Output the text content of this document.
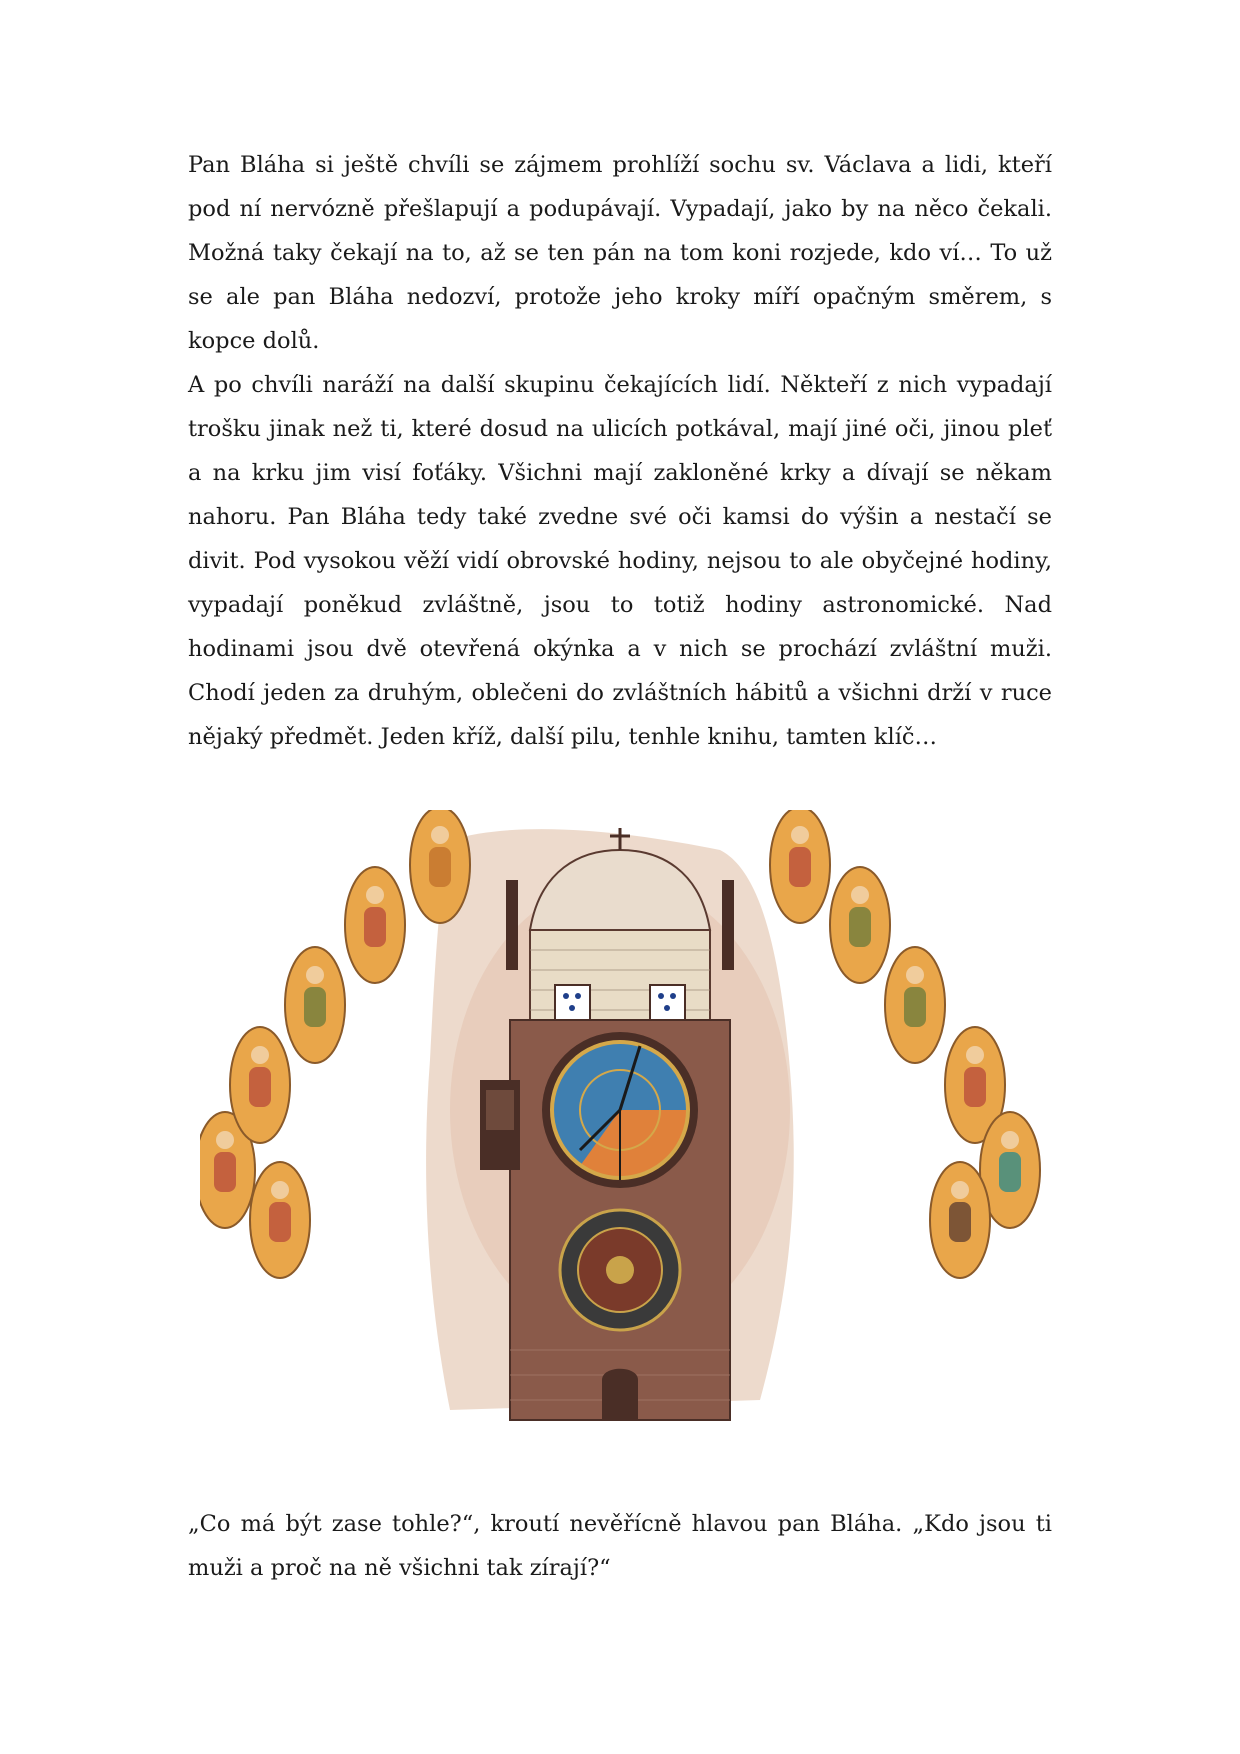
Pan Bláha si ještě chvíli se zájmem prohlíží sochu sv. Václava a lidi, kteří pod ní nervózně přešlapují a podupávají. Vypadají, jako by na něco čekali. Možná taky čekají na to, až se ten pán na tom koni rozjede, kdo ví… To už se ale pan Bláha nedozví, protože jeho kroky míří opačným směrem, s kopce dolů.

A po chvíli naráží na další skupinu čekajících lidí. Někteří z nich vypadají trošku jinak než ti, které dosud na ulicích potkával, mají jiné oči, jinou pleť a na krku jim visí foťáky. Všichni mají zakloněné krky a dívají se někam nahoru. Pan Bláha tedy také zvedne své oči kamsi do výšin a nestačí se divit. Pod vysokou věží vidí obrovské hodiny, nejsou to ale obyčejné hodiny, vypadají poněkud zvláštně, jsou to totiž hodiny astronomické. Nad hodinami jsou dvě otevřená okýnka a v nich se prochází zvláštní muži. Chodí jeden za druhým, oblečeni do zvláštních hábitů a všichni drží v ruce nějaký předmět. Jeden kříž, další pilu, tenhle knihu, tamten klíč…

„Co má být zase tohle?“, kroutí nevěřícně hlavou pan Bláha. „Kdo jsou ti muži a proč na ně všichni tak zírají?“
